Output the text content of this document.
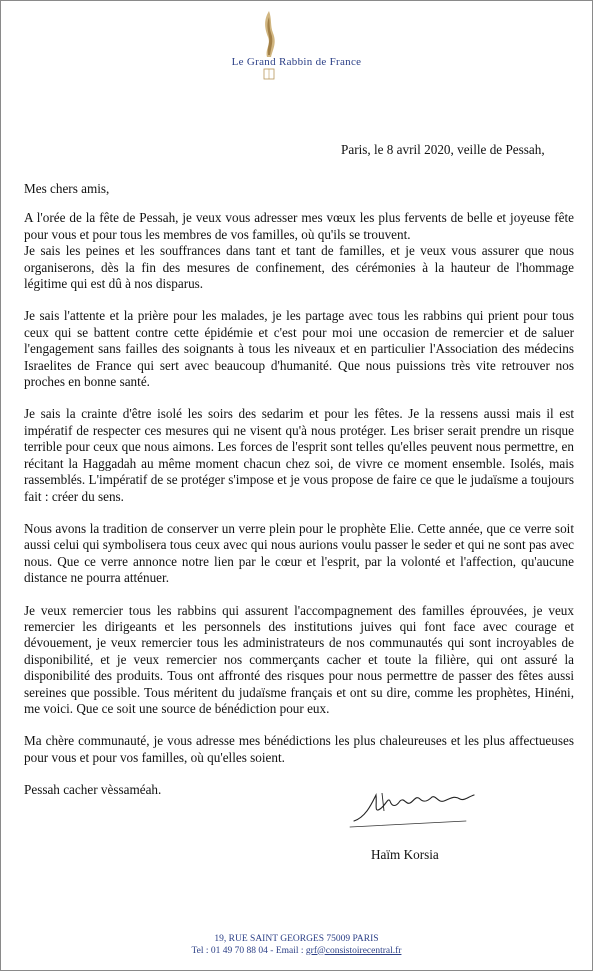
Le Grand Rabbin de France
Paris, le 8 avril 2020, veille de Pessah,

Mes chers amis,

A l'orée de la fête de Pessah, je veux vous adresser mes vœux les plus fervents de belle et joyeuse fête pour vous et pour tous les membres de vos familles, où qu'ils se trouvent.
Je sais les peines et les souffrances dans tant et tant de familles, et je veux vous assurer que nous organiserons, dès la fin des mesures de confinement, des cérémonies à la hauteur de l'hommage légitime qui est dû à nos disparus.

Je sais l'attente et la prière pour les malades, je les partage avec tous les rabbins qui prient pour tous ceux qui se battent contre cette épidémie et c'est pour moi une occasion de remercier et de saluer l'engagement sans failles des soignants à tous les niveaux et en particulier l'Association des médecins Israelites de France qui sert avec beaucoup d'humanité. Que nous puissions très vite retrouver nos proches en bonne santé.

Je sais la crainte d'être isolé les soirs des sedarim et pour les fêtes. Je la ressens aussi mais il est impératif de respecter ces mesures qui ne visent qu'à nous protéger. Les briser serait prendre un risque terrible pour ceux que nous aimons. Les forces de l'esprit sont telles qu'elles peuvent nous permettre, en récitant la Haggadah au même moment chacun chez soi, de vivre ce moment ensemble. Isolés, mais rassemblés. L'impératif de se protéger s'impose et je vous propose de faire ce que le judaïsme a toujours fait : créer du sens.

Nous avons la tradition de conserver un verre plein pour le prophète Elie. Cette année, que ce verre soit aussi celui qui symbolisera tous ceux avec qui nous aurions voulu passer le seder et qui ne sont pas avec nous. Que ce verre annonce notre lien par le cœur et l'esprit, par la volonté et l'affection, qu'aucune distance ne pourra atténuer.

Je veux remercier tous les rabbins qui assurent l'accompagnement des familles éprouvées, je veux remercier les dirigeants et les personnels des institutions juives qui font face avec courage et dévouement, je veux remercier tous les administrateurs de nos communautés qui sont incroyables de disponibilité, et je veux remercier nos commerçants cacher et toute la filière, qui ont assuré la disponibilité des produits. Tous ont affronté des risques pour nous permettre de passer des fêtes aussi sereines que possible. Tous méritent du judaïsme français et ont su dire, comme les prophètes, Hinéni, me voici. Que ce soit une source de bénédiction pour eux.

Ma chère communauté, je vous adresse mes bénédictions les plus chaleureuses et les plus affectueuses pour vous et pour vos familles, où qu'elles soient.

Pessah cacher vèssaméah.

Haïm Korsia
19, RUE SAINT GEORGES 75009 PARIS
Tel : 01 49 70 88 04 - Email : grf@consistoirecentral.fr
